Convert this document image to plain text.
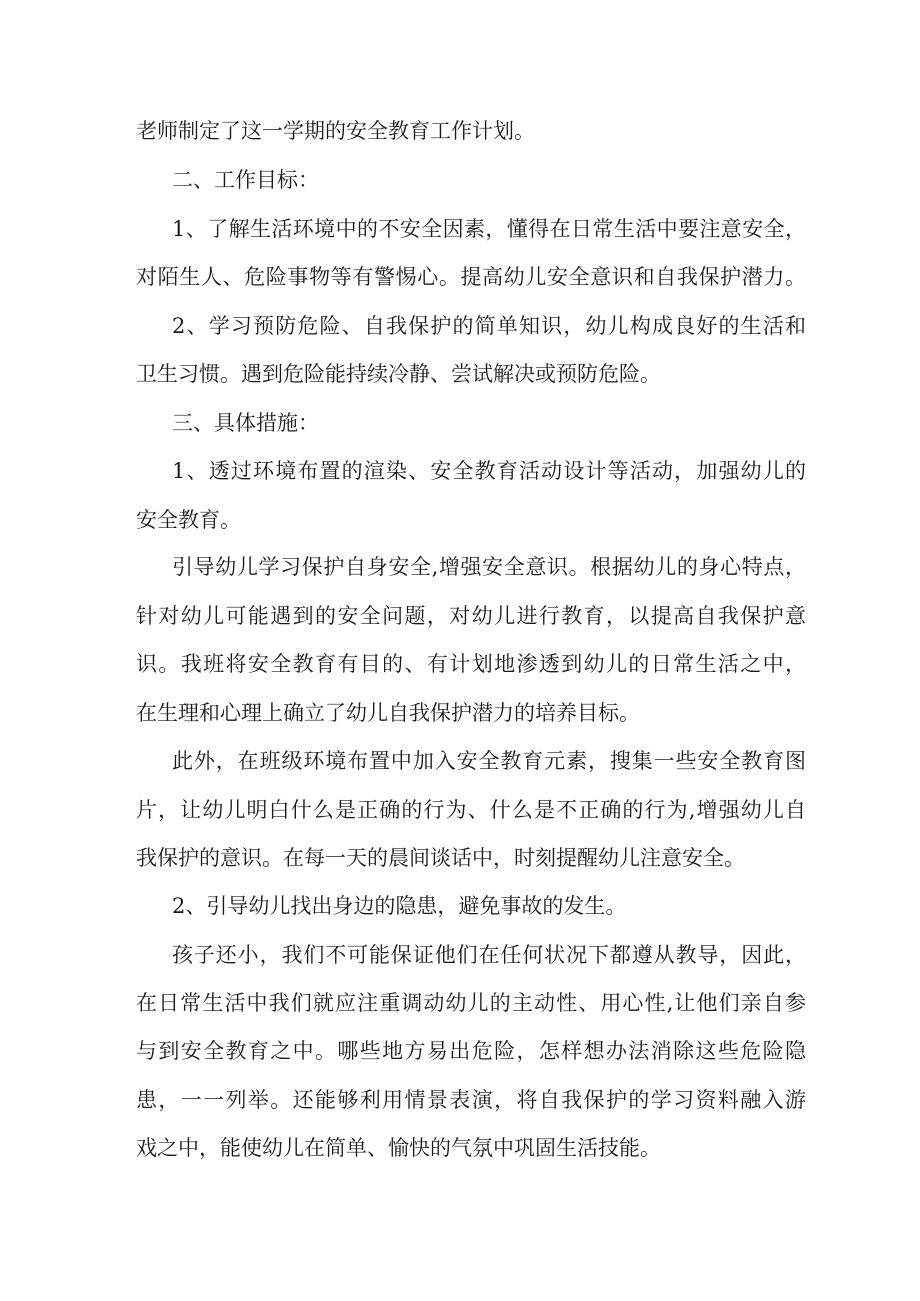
老师制定了这一学期的安全教育工作计划。
二、工作目标：
1、了解生活环境中的不安全因素，懂得在日常生活中要注意安全，
对陌生人、危险事物等有警惕心。提高幼儿安全意识和自我保护潜力。
2、学习预防危险、自我保护的简单知识，幼儿构成良好的生活和
卫生习惯。遇到危险能持续冷静、尝试解决或预防危险。
三、具体措施：
1、透过环境布置的渲染、安全教育活动设计等活动，加强幼儿的
安全教育。
引导幼儿学习保护自身安全,增强安全意识。根据幼儿的身心特点，
针对幼儿可能遇到的安全问题，对幼儿进行教育，以提高自我保护意
识。我班将安全教育有目的、有计划地渗透到幼儿的日常生活之中，
在生理和心理上确立了幼儿自我保护潜力的培养目标。
此外，在班级环境布置中加入安全教育元素，搜集一些安全教育图
片，让幼儿明白什么是正确的行为、什么是不正确的行为,增强幼儿自
我保护的意识。在每一天的晨间谈话中，时刻提醒幼儿注意安全。
2、引导幼儿找出身边的隐患，避免事故的发生。
孩子还小，我们不可能保证他们在任何状况下都遵从教导，因此，
在日常生活中我们就应注重调动幼儿的主动性、用心性,让他们亲自参
与到安全教育之中。哪些地方易出危险，怎样想办法消除这些危险隐
患，一一列举。还能够利用情景表演，将自我保护的学习资料融入游
戏之中，能使幼儿在简单、愉快的气氛中巩固生活技能。
